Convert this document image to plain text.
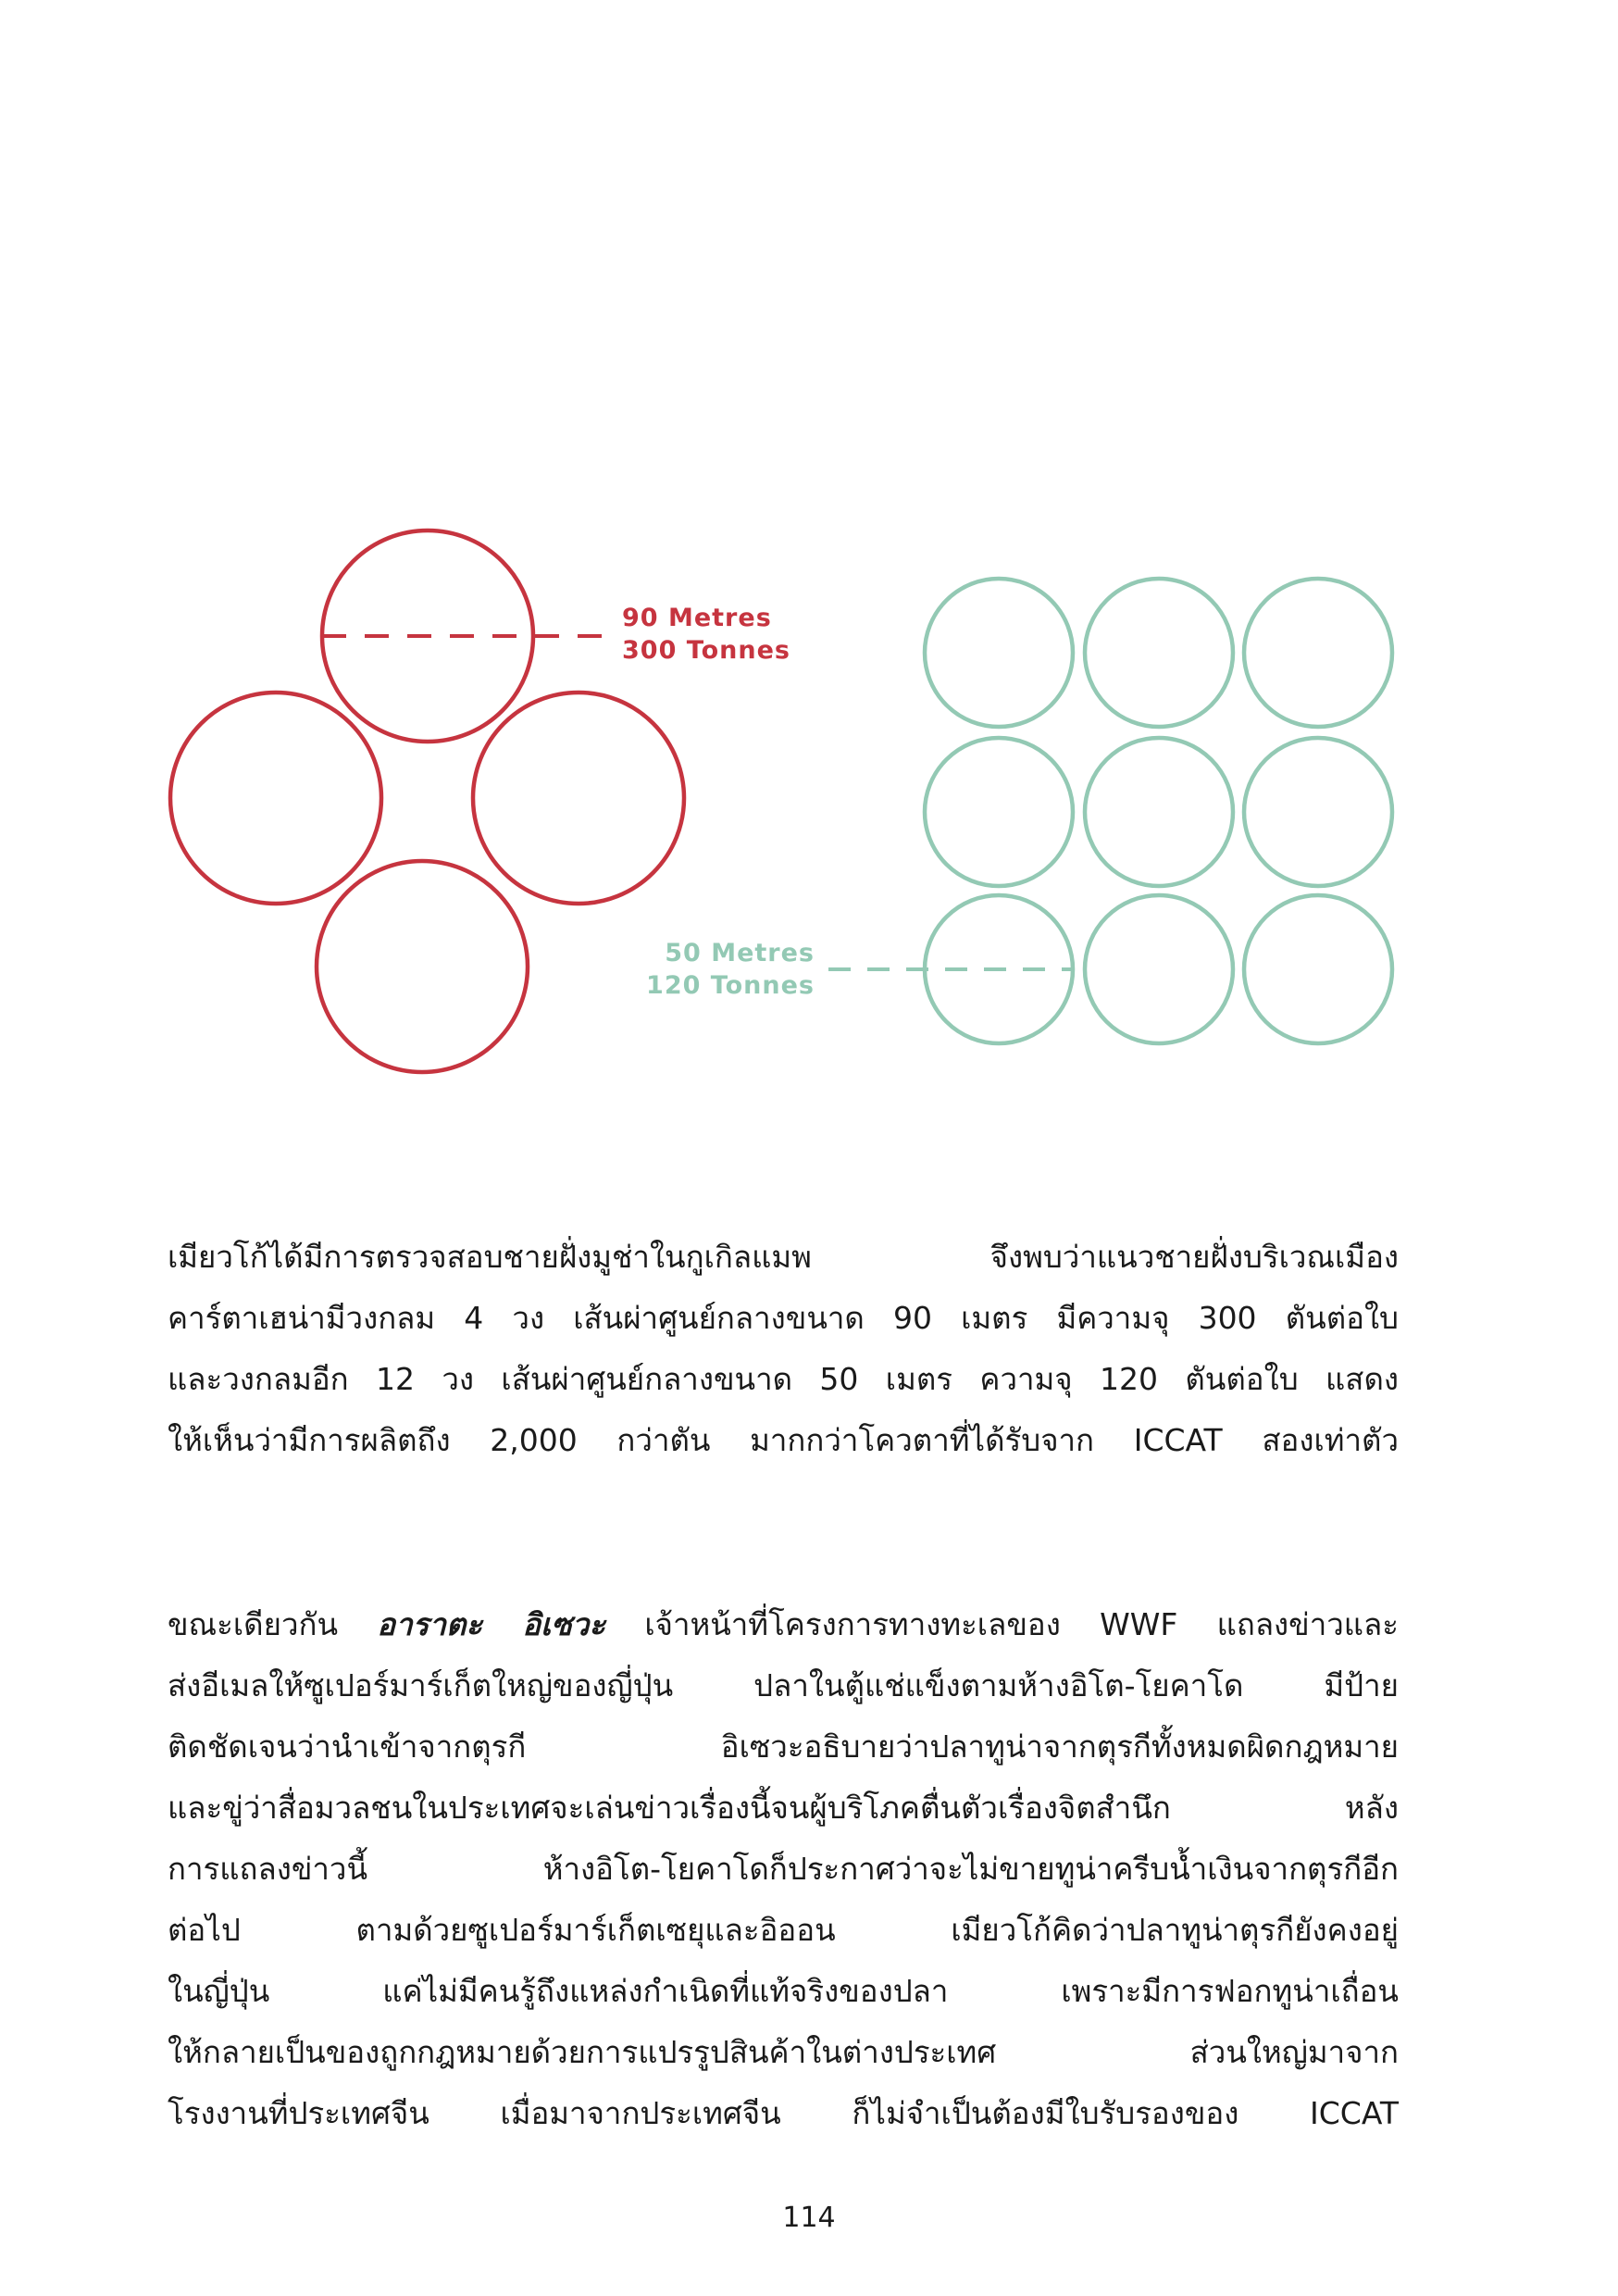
90 Metres
300 Tonnes
50 Metres
120 Tonnes
เมียวโก้ได้มีการตรวจสอบชายฝั่งมูช่าในกูเกิลแมพ จึงพบว่าแนวชายฝั่งบริเวณเมือง
คาร์ตาเฮน่ามีวงกลม 4 วง เส้นผ่าศูนย์กลางขนาด 90 เมตร มีความจุ 300 ตันต่อใบ
และวงกลมอีก 12 วง เส้นผ่าศูนย์กลางขนาด 50 เมตร ความจุ 120 ตันต่อใบ แสดง
ให้เห็นว่ามีการผลิตถึง 2,000 กว่าตัน มากกว่าโควตาที่ได้รับจาก ICCAT สองเท่าตัว
ขณะเดียวกัน อาราตะ อิเซวะ เจ้าหน้าที่โครงการทางทะเลของ WWF แถลงข่าวและ
ส่งอีเมลให้ซูเปอร์มาร์เก็ตใหญ่ของญี่ปุ่น ปลาในตู้แช่แข็งตามห้างอิโต-โยคาโด มีป้าย
ติดชัดเจนว่านำเข้าจากตุรกี อิเซวะอธิบายว่าปลาทูน่าจากตุรกีทั้งหมดผิดกฎหมาย
และขู่ว่าสื่อมวลชนในประเทศจะเล่นข่าวเรื่องนี้จนผู้บริโภคตื่นตัวเรื่องจิตสำนึก หลัง
การแถลงข่าวนี้ ห้างอิโต-โยคาโดก็ประกาศว่าจะไม่ขายทูน่าครีบน้ำเงินจากตุรกีอีก
ต่อไป ตามด้วยซูเปอร์มาร์เก็ตเซยุและอิออน เมียวโก้คิดว่าปลาทูน่าตุรกียังคงอยู่
ในญี่ปุ่น แค่ไม่มีคนรู้ถึงแหล่งกำเนิดที่แท้จริงของปลา เพราะมีการฟอกทูน่าเถื่อน
ให้กลายเป็นของถูกกฎหมายด้วยการแปรรูปสินค้าในต่างประเทศ ส่วนใหญ่มาจาก
โรงงานที่ประเทศจีน เมื่อมาจากประเทศจีน ก็ไม่จำเป็นต้องมีใบรับรองของ ICCAT
114
